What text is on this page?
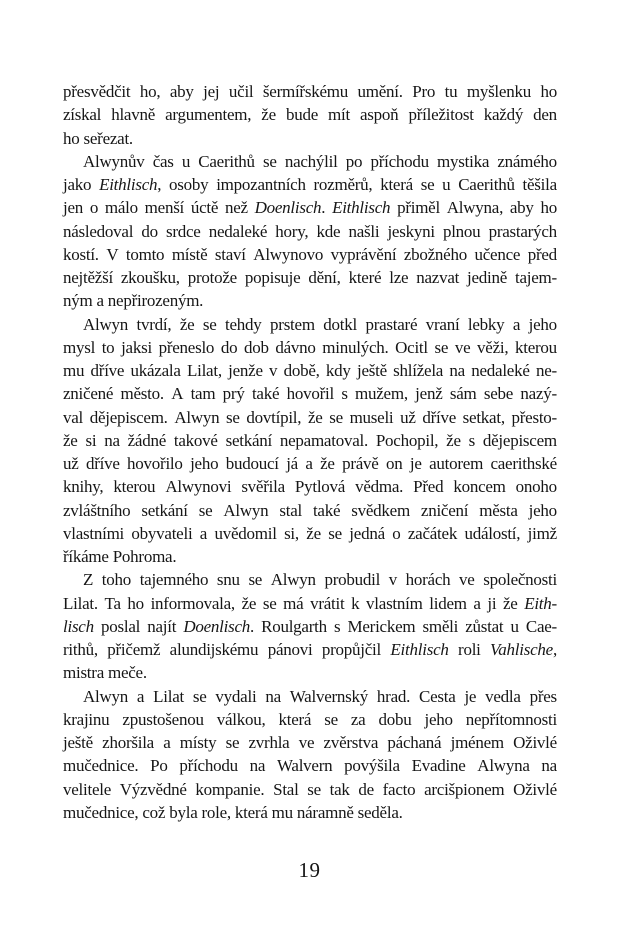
přesvědčit ho, aby jej učil šermířskému umění. Pro tu myšlenku ho
získal hlavně argumentem, že bude mít aspoň příležitost každý den
ho seřezat.
Alwynův čas u Caerithů se nachýlil po příchodu mystika známého
jako Eithlisch, osoby impozantních rozměrů, která se u Caerithů těšila
jen o málo menší úctě než Doenlisch. Eithlisch přiměl Alwyna, aby ho
následoval do srdce nedaleké hory, kde našli jeskyni plnou prastarých
kostí. V tomto místě staví Alwynovo vyprávění zbožného učence před
nejtěžší zkoušku, protože popisuje dění, které lze nazvat jedině tajem-
ným a nepřirozeným.
Alwyn tvrdí, že se tehdy prstem dotkl prastaré vraní lebky a jeho
mysl to jaksi přeneslo do dob dávno minulých. Ocitl se ve věži, kterou
mu dříve ukázala Lilat, jenže v době, kdy ještě shlížela na nedaleké ne-
zničené město. A tam prý také hovořil s mužem, jenž sám sebe nazý-
val dějepiscem. Alwyn se dovtípil, že se museli už dříve setkat, přesto-
že si na žádné takové setkání nepamatoval. Pochopil, že s dějepiscem
už dříve hovořilo jeho budoucí já a že právě on je autorem caerithské
knihy, kterou Alwynovi svěřila Pytlová vědma. Před koncem onoho
zvláštního setkání se Alwyn stal také svědkem zničení města jeho
vlastními obyvateli a uvědomil si, že se jedná o začátek událostí, jimž
říkáme Pohroma.
Z toho tajemného snu se Alwyn probudil v horách ve společnosti
Lilat. Ta ho informovala, že se má vrátit k vlastním lidem a ji že Eith-
lisch poslal najít Doenlisch. Roulgarth s Merickem směli zůstat u Cae-
rithů, přičemž alundijskému pánovi propůjčil Eithlisch roli Vahlische,
mistra meče.
Alwyn a Lilat se vydali na Walvernský hrad. Cesta je vedla přes
krajinu zpustošenou válkou, která se za dobu jeho nepřítomnosti
ještě zhoršila a místy se zvrhla ve zvěrstva páchaná jménem Oživlé
mučednice. Po příchodu na Walvern povýšila Evadine Alwyna na
velitele Výzvědné kompanie. Stal se tak de facto arcišpionem Oživlé
mučednice, což byla role, která mu náramně seděla.
19
